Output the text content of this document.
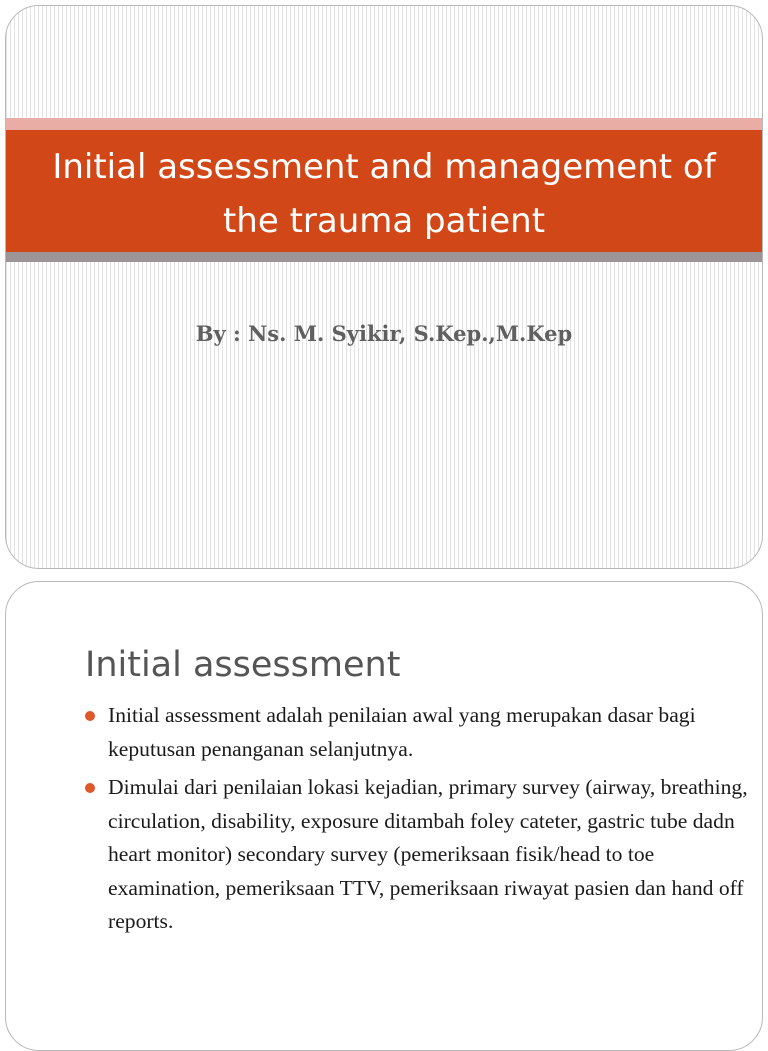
Initial assessment and management of the trauma patient

By : Ns. M. Syikir, S.Kep.,M.Kep

Initial assessment
Initial assessment adalah penilaian awal yang merupakan dasar bagi keputusan penanganan selanjutnya.
Dimulai dari penilaian lokasi kejadian, primary survey (airway, breathing, circulation, disability, exposure ditambah foley cateter, gastric tube dadn heart monitor) secondary survey (pemeriksaan fisik/head to toe examination, pemeriksaan TTV, pemeriksaan riwayat pasien dan hand off reports.
